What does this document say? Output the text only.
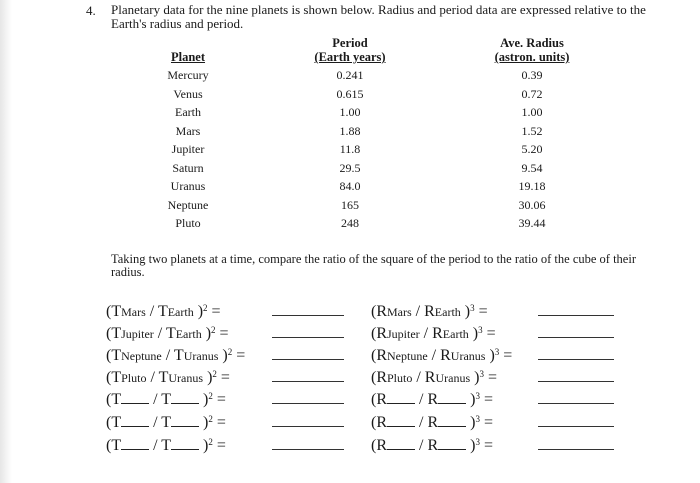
4. Planetary data for the nine planets is shown below. Radius and period data are expressed relative to the Earth's radius and period.
Planet
Mercury
Venus
Earth
Mars
Jupiter
Saturn
Uranus
Neptune
Pluto
Period
(Earth years)
0.241
0.615
1.00
1.88
11.8
29.5
84.0
165
248
Ave. Radius
(astron. units)
0.39
0.72
1.00
1.52
5.20
9.54
19.18
30.06
39.44
Taking two planets at a time, compare the ratio of the square of the period to the ratio of the cube of their radius.
(TMars / TEarth )$^2$ =
(TJupiter / TEarth )$^2$ =
(TNeptune / TUranus )$^2$ =
(TPluto / TUranus )$^2$ =
(T / T )$^2$ =
(T / T )$^2$ =
(T / T )$^2$ =
(RMars / REarth )$^3$ =
(RJupiter / REarth )$^3$ =
(RNeptune / RUranus )$^3$ =
(RPluto / RUranus )$^3$ =
(R / R )$^3$ =
(R / R )$^3$ =
(R / R )$^3$ =
